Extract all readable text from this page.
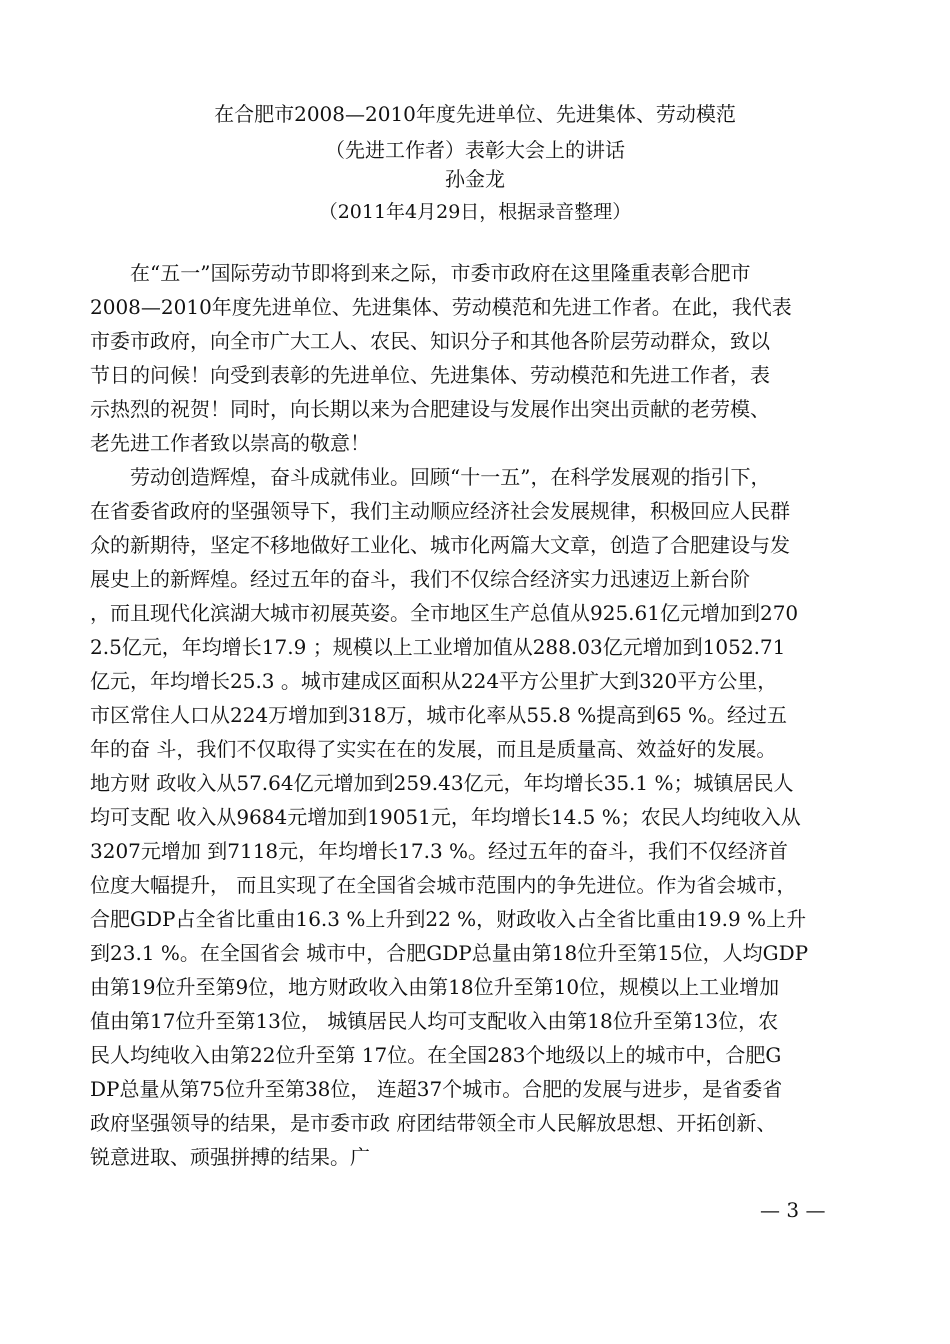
在合肥市2008—2010年度先进单位、先进集体、劳动模范
（先进工作者）表彰大会上的讲话
孙金龙
（2011年4月29日，根据录音整理）
　　在“五一”国际劳动节即将到来之际，市委市政府在这里隆重表彰合肥市
2008—2010年度先进单位、先进集体、劳动模范和先进工作者。在此，我代表
市委市政府，向全市广大工人、农民、知识分子和其他各阶层劳动群众，致以
节日的问候！向受到表彰的先进单位、先进集体、劳动模范和先进工作者，表
示热烈的祝贺！同时，向长期以来为合肥建设与发展作出突出贡献的老劳模、
老先进工作者致以崇高的敬意！
　　劳动创造辉煌，奋斗成就伟业。回顾“十一五”，在科学发展观的指引下，
在省委省政府的坚强领导下，我们主动顺应经济社会发展规律，积极回应人民群
众的新期待，坚定不移地做好工业化、城市化两篇大文章，创造了合肥建设与发
展史上的新辉煌。经过五年的奋斗，我们不仅综合经济实力迅速迈上新台阶
，而且现代化滨湖大城市初展英姿。全市地区生产总值从925.61亿元增加到270
2.5亿元，年均增长17.9 ；规模以上工业增加值从288.03亿元增加到1052.71
亿元，年均增长25.3 。城市建成区面积从224平方公里扩大到320平方公里，
市区常住人口从224万增加到318万，城市化率从55.8 %提高到65 %。经过五
年的奋 斗，我们不仅取得了实实在在的发展，而且是质量高、效益好的发展。
地方财 政收入从57.64亿元增加到259.43亿元，年均增长35.1 %；城镇居民人
均可支配 收入从9684元增加到19051元，年均增长14.5 %；农民人均纯收入从
3207元增加 到7118元，年均增长17.3 %。经过五年的奋斗，我们不仅经济首
位度大幅提升， 而且实现了在全国省会城市范围内的争先进位。作为省会城市，
合肥GDP占全省比重由16.3 %上升到22 %，财政收入占全省比重由19.9 %上升
到23.1 %。在全国省会 城市中，合肥GDP总量由第18位升至第15位，人均GDP
由第19位升至第9位，地方财政收入由第18位升至第10位，规模以上工业增加
值由第17位升至第13位， 城镇居民人均可支配收入由第18位升至第13位，农
民人均纯收入由第22位升至第 17位。在全国283个地级以上的城市中，合肥G
DP总量从第75位升至第38位， 连超37个城市。合肥的发展与进步，是省委省
政府坚强领导的结果，是市委市政 府团结带领全市人民解放思想、开拓创新、
锐意进取、顽强拼搏的结果。广
— 3 —
